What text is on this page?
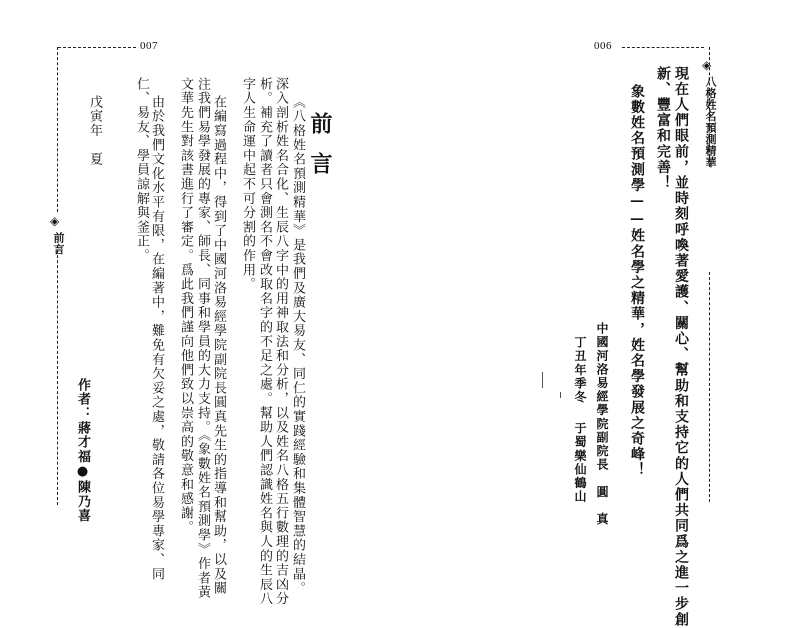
007
◈
前言
作者：蔣才福●陳乃喜
戊寅年　夏 仁、易友、學員諒解與釜正。 由於我們文化水平有限，在編著中，難免有欠妥之處，敬請各位易學專家、同 文華先生對該書進行了審定。爲此我們謹向他們致以崇高的敬意和感謝。 注我們易學發展的專家、師長、同事和學員的大力支持。《象數姓名預測學》作者黃 在編寫過程中，得到了中國河洛易經學院副院長圓真先生的指導和幫助，以及關 字人生命運中起不可分割的作用。 析。補充了讀者只會測名不會改取名字的不足之處。幫助人們認識姓名與人的生辰八 深入剖析姓名合化、生辰八字中的用神取法和分析，以及姓名八格五行數理的吉凶分 《八格姓名預測精華》是我們及廣大易友、同仁的實踐經驗和集體智慧的結晶。 前言
006
◈
八格姓名預測精華
現在人們眼前，並時刻呼喚著愛護、關心、幫助和支持它的人們共同爲之進一步創
新、豐富和完善！
象數姓名預測學——姓名學之精華，姓名學發展之奇峰！
中國河洛易經學院副院長　圓　真
丁丑年季冬
于蜀樂仙鶴山
